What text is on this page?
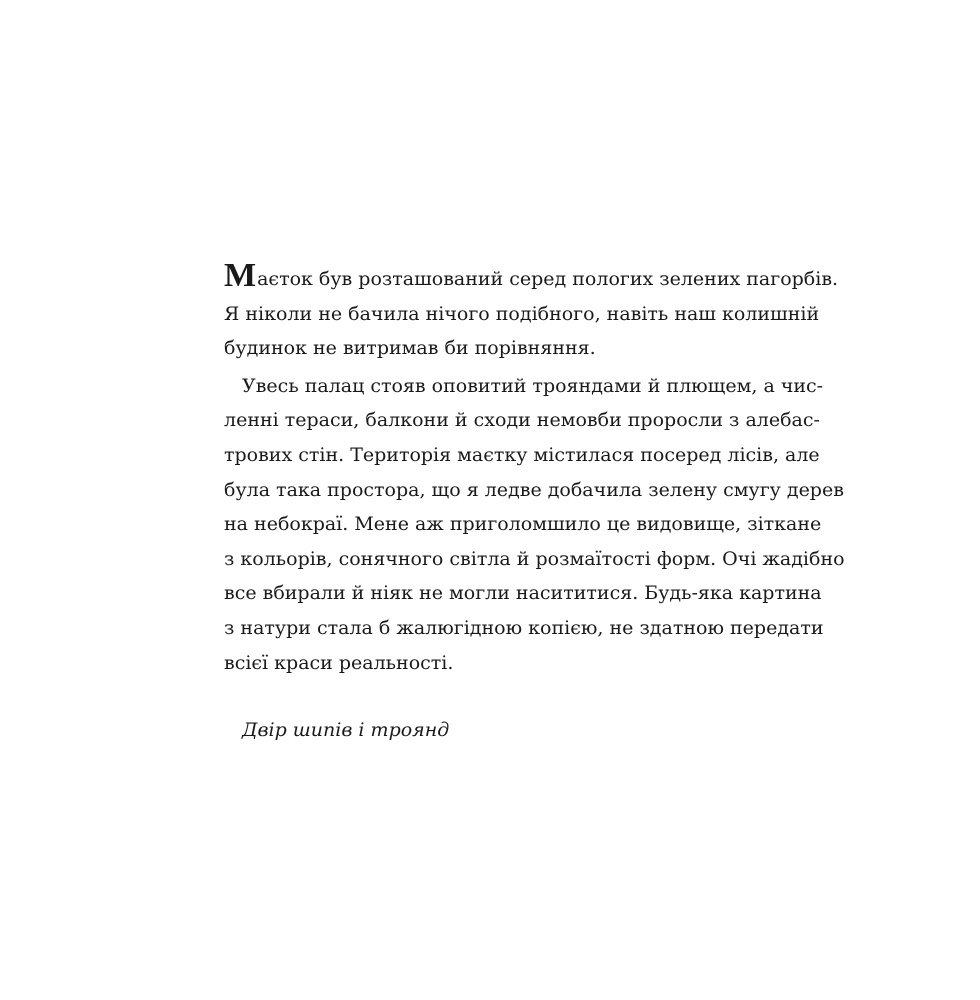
Маєток був розташований серед пологих зелених пагорбів.
Я ніколи не бачила нічого подібного, навіть наш колишній
будинок не витримав би порівняння.
Увесь палац стояв оповитий трояндами й плющем, а чис-
ленні тераси, балкони й сходи немовби проросли з алебас-
трових стін. Територія маєтку містилася посеред лісів, але
була така простора, що я ледве добачила зелену смугу дерев
на небокраї. Мене аж приголомшило це видовище, зіткане
з кольорів, сонячного світла й розмаїтості форм. Очі жадібно
все вбирали й ніяк не могли насититися. Будь-яка картина
з натури стала б жалюгідною копією, не здатною передати
всієї краси реальності.
Двір шипів і троянд
